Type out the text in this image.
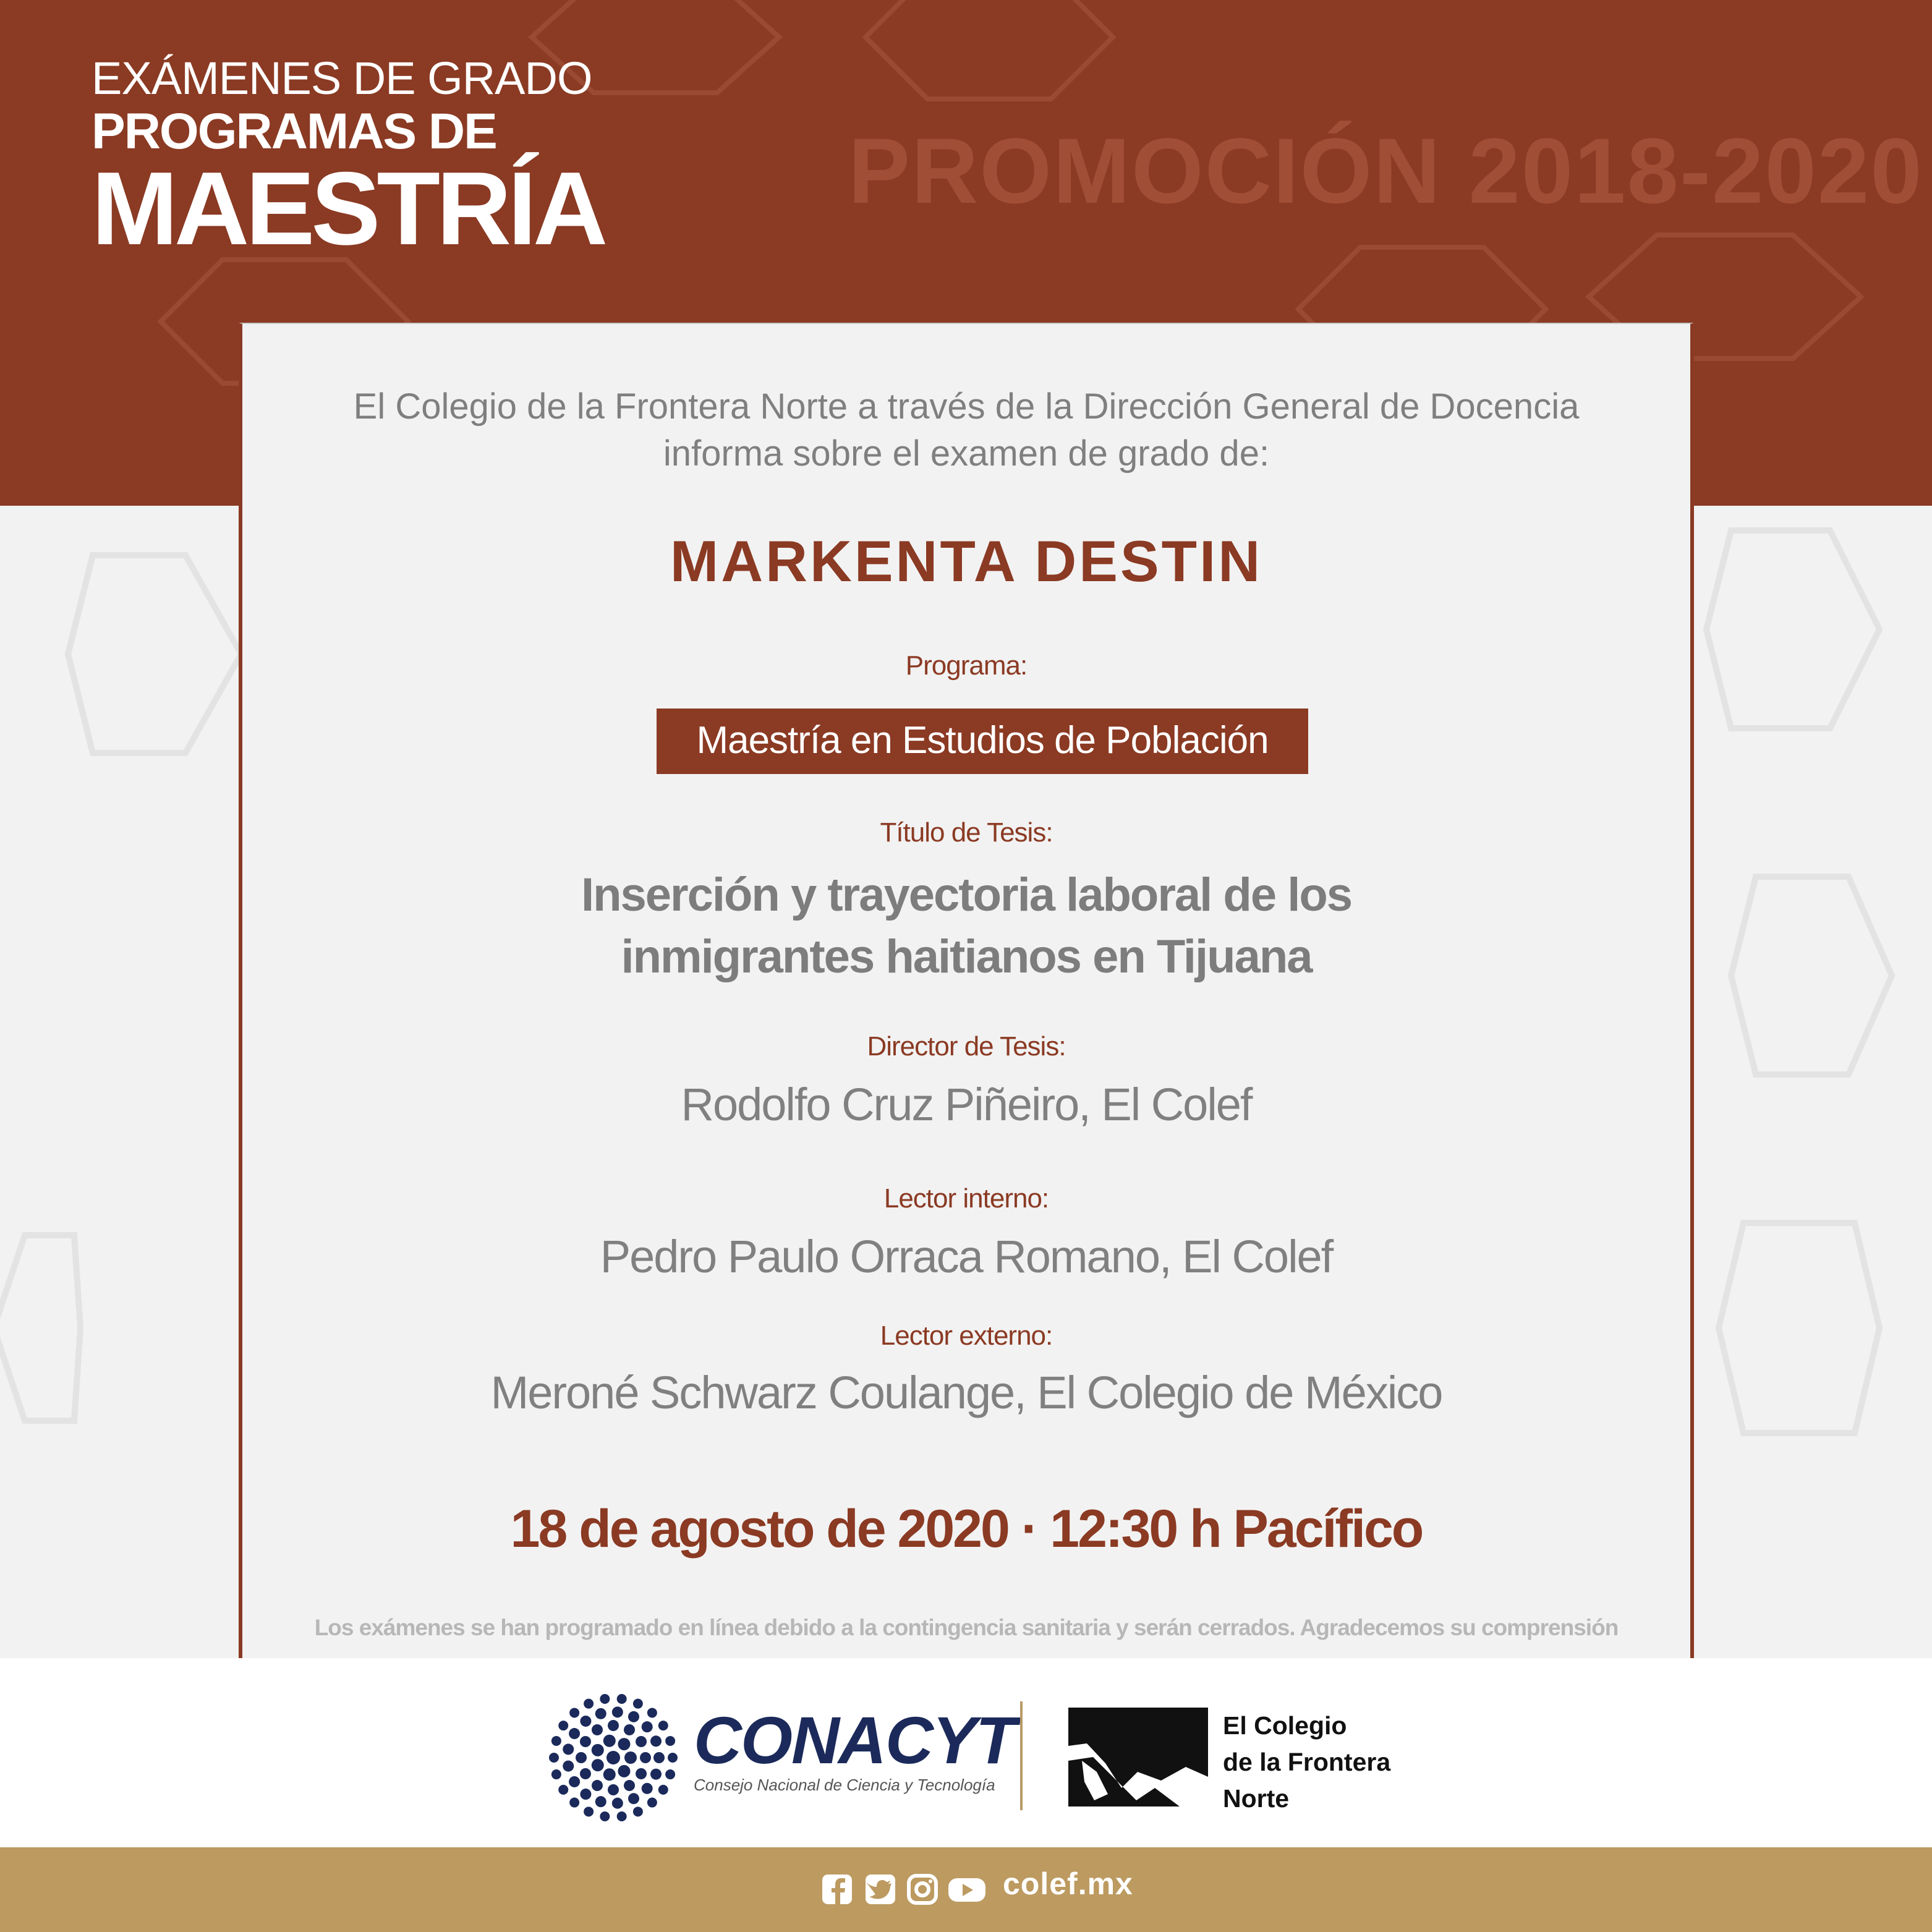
EXÁMENES DE GRADO
PROGRAMAS DE
MAESTRÍA	PROMOCIÓN 2018-2020
El Colegio de la Frontera Norte a través de la Dirección General de Docencia
informa sobre el examen de grado de:
MARKENTA DESTIN
Programa:
Maestría en Estudios de Población
Título de Tesis:
Inserción y trayectoria laboral de los
inmigrantes haitianos en Tijuana
Director de Tesis:
Rodolfo Cruz Piñeiro, El Colef
Lector interno:
Pedro Paulo Orraca Romano, El Colef
Lector externo:
Meroné Schwarz Coulange, El Colegio de México
18 de agosto de 2020 · 12:30 h Pacífico
Los exámenes se han programado en línea debido a la contingencia sanitaria y serán cerrados. Agradecemos su comprensión
CONACYT
Consejo Nacional de Ciencia y Tecnología
El Colegio
de la Frontera
Norte
colef.mx
